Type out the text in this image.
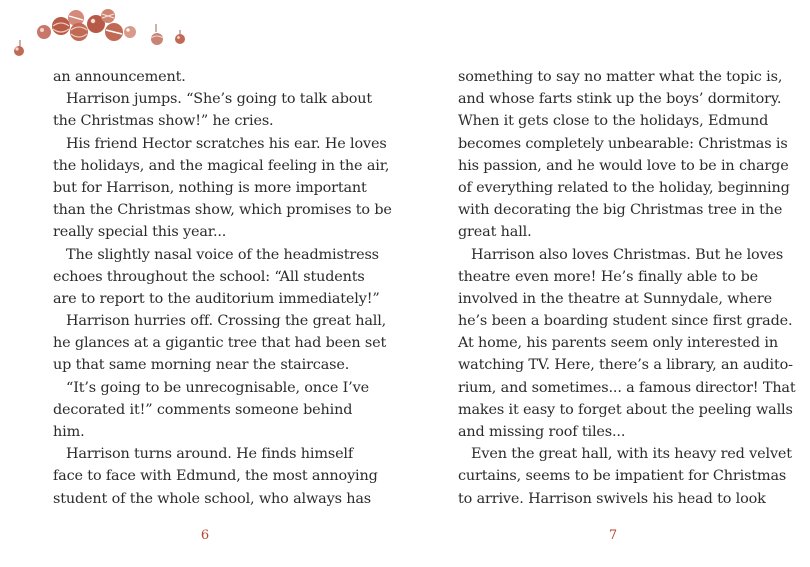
an announcement.
Harrison jumps. “She’s going to talk about
the Christmas show!” he cries.
His friend Hector scratches his ear. He loves
the holidays, and the magical feeling in the air,
but for Harrison, nothing is more important
than the Christmas show, which promises to be
really special this year...
The slightly nasal voice of the headmistress
echoes throughout the school: “All students
are to report to the auditorium immediately!”
Harrison hurries off. Crossing the great hall,
he glances at a gigantic tree that had been set
up that same morning near the staircase.
“It’s going to be unrecognisable, once I’ve
decorated it!” comments someone behind
him.
Harrison turns around. He finds himself
face to face with Edmund, the most annoying
student of the whole school, who always has
6
something to say no matter what the topic is,
and whose farts stink up the boys’ dormitory.
When it gets close to the holidays, Edmund
becomes completely unbearable: Christmas is
his passion, and he would love to be in charge
of everything related to the holiday, beginning
with decorating the big Christmas tree in the
great hall.
Harrison also loves Christmas. But he loves
theatre even more! He’s finally able to be
involved in the theatre at Sunnydale, where
he’s been a boarding student since first grade.
At home, his parents seem only interested in
watching TV. Here, there’s a library, an audito-
rium, and sometimes... a famous director! That
makes it easy to forget about the peeling walls
and missing roof tiles...
Even the great hall, with its heavy red velvet
curtains, seems to be impatient for Christmas
to arrive. Harrison swivels his head to look
7
